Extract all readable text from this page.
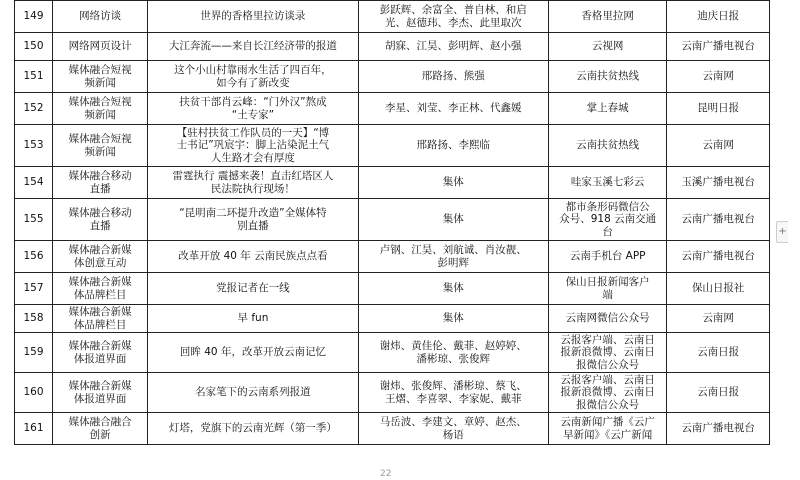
149	网络访谈	世界的香格里拉访谈录	彭跃辉、余富全、普自林、和启
光、赵德玮、李杰、此里取次	香格里拉网	迪庆日报
150	网络网页设计	大江奔流——来自长江经济带的报道	胡寐、江昊、彭明辉、赵小强	云视网	云南广播电视台
151	媒体融合短视
频新闻	这个小山村靠雨水生活了四百年，
如今有了新改变	邢路扬、熊强	云南扶贫热线	云南网
152	媒体融合短视
频新闻	扶贫干部肖云峰：“门外汉”熬成
“土专家”	李星、刘莹、李正林、代鑫媛	掌上春城	昆明日报
153	媒体融合短视
频新闻	【驻村扶贫工作队员的一天】“博
士书记”巩宸宇：脚上沾染泥土气
人生路才会有厚度	邢路扬、李熙临	云南扶贫热线	云南网
154	媒体融合移动
直播	雷霆执行 震撼来袭！直击红塔区人
民法院执行现场！	集体	哇家玉溪七彩云	玉溪广播电视台
155	媒体融合移动
直播	“昆明南二环提升改造”全媒体特
别直播	集体	都市条形码微信公
众号、918 云南交通
台	云南广播电视台
156	媒体融合新媒
体创意互动	改革开放 40 年 云南民族点点看	卢钢、江昊、刘航诚、肖汝靓、
彭明辉	云南手机台 APP	云南广播电视台
157	媒体融合新媒
体品牌栏目	党报记者在一线	集体	保山日报新闻客户
端	保山日报社
158	媒体融合新媒
体品牌栏目	早 fun	集体	云南网微信公众号	云南网
159	媒体融合新媒
体报道界面	回眸 40 年，改革开放云南记忆	谢炜、黄佳伦、戴菲、赵婷婷、
潘彬琼、张俊辉	云报客户端、云南日
报新浪微博、云南日
报微信公众号	云南日报
160	媒体融合新媒
体报道界面	名家笔下的云南系列报道	谢炜、张俊辉、潘彬琼、蔡飞、
王熠、李喜翠、李家妮、戴菲	云报客户端、云南日
报新浪微博、云南日
报微信公众号	云南日报
161	媒体融合融合
创新	灯塔，党旗下的云南光辉（第一季）	马岳波、李建文、章婷、赵杰、
杨语	云南新闻广播《云广
早新闻》《云广新闻	云南广播电视台
22
+
